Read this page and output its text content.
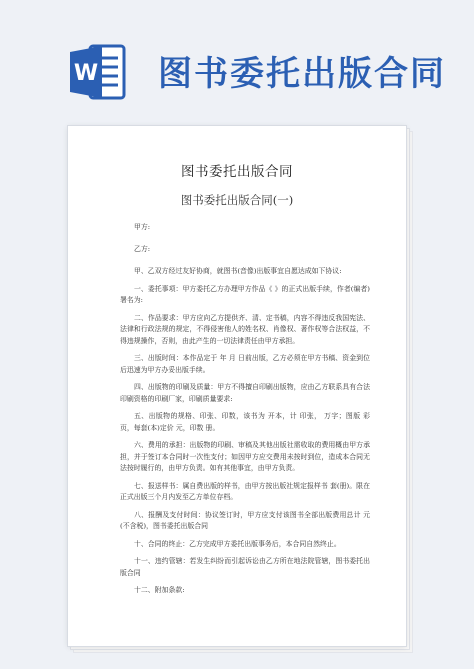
W 图书委托出版合同
图书委托出版合同
图书委托出版合同(一)

甲方:

乙方:

甲、乙双方经过友好协商，就图书(音像)出版事宜自愿达成如下协议:

一、委托事项：甲方委托乙方办理甲方作品《 》的正式出版手续，作者(编者)署名为:

二、作品要求：甲方应向乙方提供齐、清、定书稿，内容不得违反我国宪法、法律和行政法规的规定，不得侵害他人的姓名权、肖像权、著作权等合法权益，不得违规操作，否则，由此产生的一切法律责任由甲方承担。

三、出版时间：本作品定于 年 月 日前出版，乙方必须在甲方书稿、资金到位后迅速为甲方办妥出版手续。

四、出版物的印刷及质量：甲方不得擅自印刷出版物，应由乙方联系具有合法印刷资格的印刷厂家，印刷质量要求:

五、出版物的规格、印张、印数，该书为 开本，计 印张， 万字；图版 彩页，每套(本)定价 元，印数 册。

六、费用的承担：出版物的印刷、审稿及其他出版社需收取的费用概由甲方承担，并于签订本合同时一次性支付；如因甲方应交费用未按时到位，造成本合同无法按时履行的，由甲方负责。如有其他事宜，由甲方负责。

七、报送样书：属自费出版的样书，由甲方按出版社规定报样书 套(册)。限在正式出版三个月内发至乙方单位存档。

八、报酬及支付时间：协议签订时，甲方应支付该图书全部出版费用总计 元(不含税)，图书委托出版合同

十、合同的终止：乙方完成甲方委托出版事务后，本合同自然终止。

十一、违约管辖：若发生纠纷而引起诉讼由乙方所在地法院管辖，图书委托出版合同

十二、附加条款:
